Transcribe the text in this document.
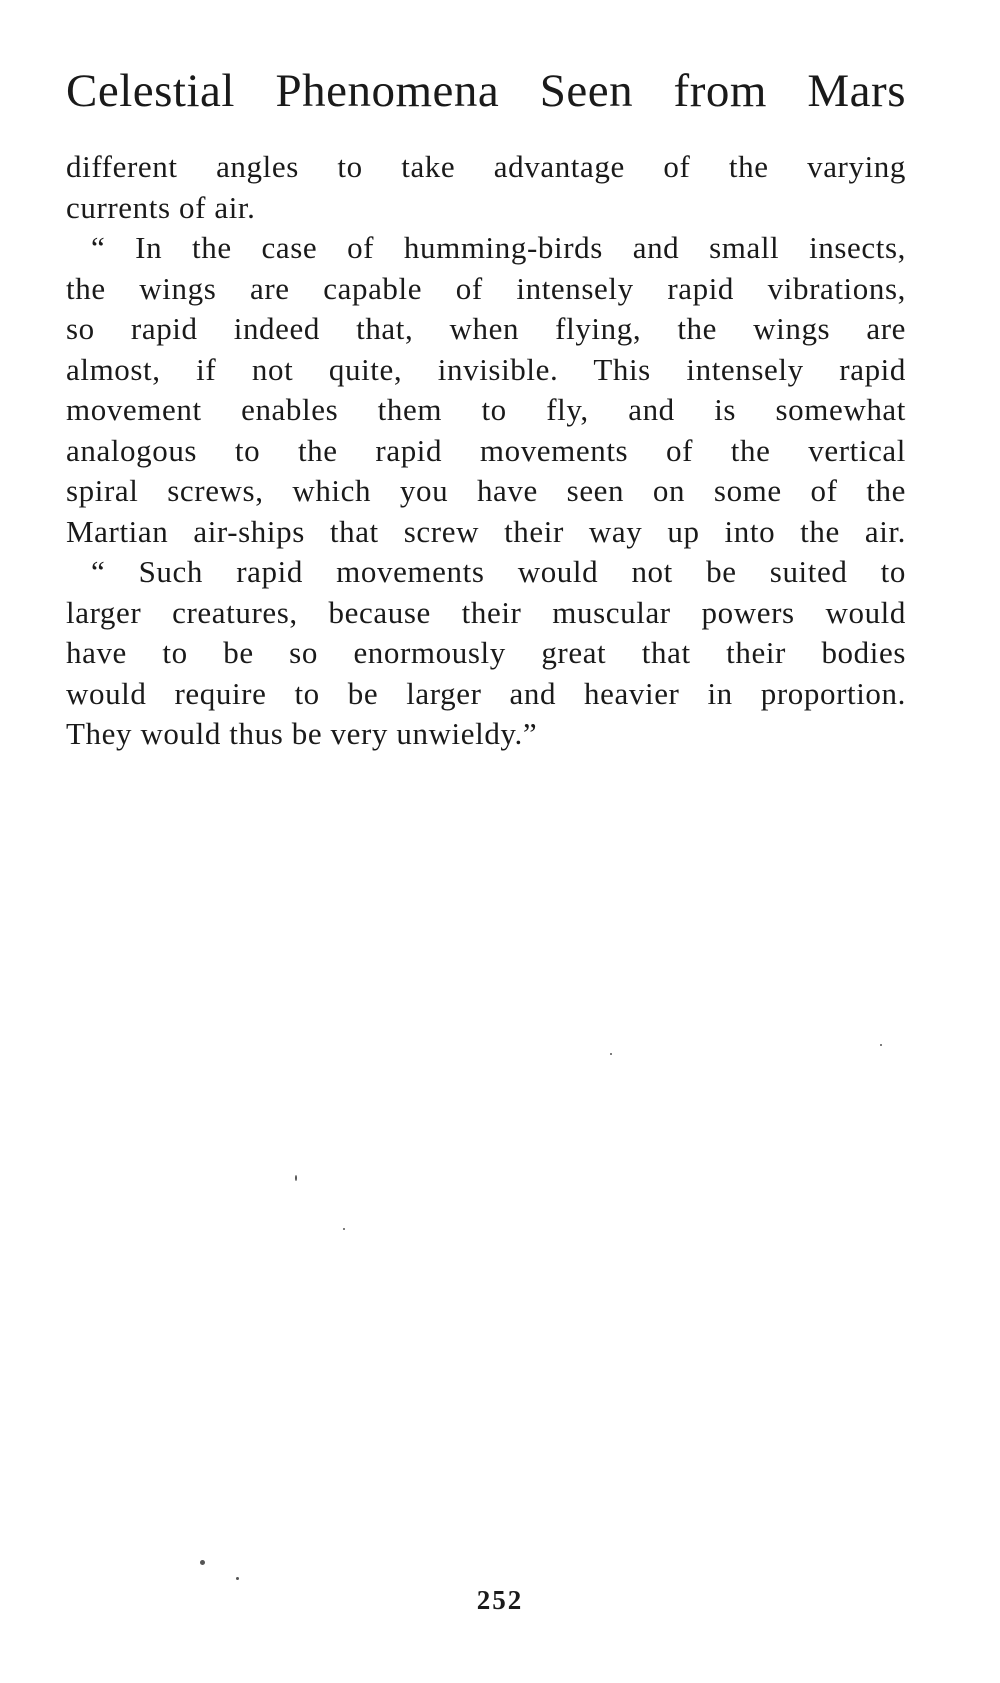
Celestial Phenomena Seen from Mars
different angles to take advantage of the varying
currents of air.
“ In the case of humming-birds and small insects,
the wings are capable of intensely rapid vibrations,
so rapid indeed that, when flying, the wings are
almost, if not quite, invisible. This intensely rapid
movement enables them to fly, and is somewhat
analogous to the rapid movements of the vertical
spiral screws, which you have seen on some of the
Martian air-ships that screw their way up into the air.
“ Such rapid movements would not be suited to
larger creatures, because their muscular powers would
have to be so enormously great that their bodies
would require to be larger and heavier in proportion.
They would thus be very unwieldy.”
252
